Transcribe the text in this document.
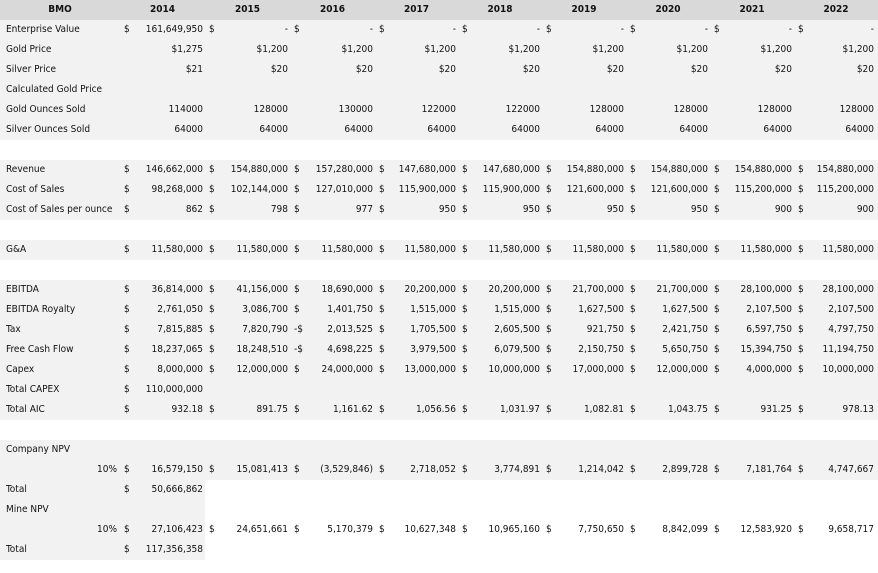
BMO	2014	2015	2016	2017	2018	2019	2020	2021	2022
Enterprise Value	$	161,649,950 $	- $	- $	- $	- $	- $	- $	- $	-
Gold Price	$1,275	$1,200	$1,200	$1,200	$1,200	$1,200	$1,200	$1,200	$1,200
Silver Price	$21	$20	$20	$20	$20	$20	$20	$20	$20
Calculated Gold Price
Gold Ounces Sold	114000	128000	130000	122000	122000	128000	128000	128000	128000
Silver Ounces Sold	64000	64000	64000	64000	64000	64000	64000	64000	64000
Revenue	$	146,662,000 $	154,880,000 $	157,280,000 $	147,680,000 $	147,680,000 $	154,880,000 $	154,880,000 $	154,880,000 $	154,880,000
Cost of Sales	$	98,268,000 $	102,144,000 $	127,010,000 $	115,900,000 $	115,900,000 $	121,600,000 $	121,600,000 $	115,200,000 $	115,200,000
Cost of Sales per ounce $	862 $	798 $	977 $	950 $	950 $	950 $	950 $	900 $	900
G&A	$	11,580,000 $	11,580,000 $	11,580,000 $	11,580,000 $	11,580,000 $	11,580,000 $	11,580,000 $	11,580,000 $	11,580,000
EBITDA	$	36,814,000 $	41,156,000 $	18,690,000 $	20,200,000 $	20,200,000 $	21,700,000 $	21,700,000 $	28,100,000 $	28,100,000
EBITDA Royalty	$	2,761,050 $	3,086,700 $	1,401,750 $	1,515,000 $	1,515,000 $	1,627,500 $	1,627,500 $	2,107,500 $	2,107,500
Tax	$	7,815,885 $	7,820,790 -$	2,013,525 $	1,705,500 $	2,605,500 $	921,750 $	2,421,750 $	6,597,750 $	4,797,750
Free Cash Flow	$	18,237,065 $	18,248,510 -$	4,698,225 $	3,979,500 $	6,079,500 $	2,150,750 $	5,650,750 $	15,394,750 $	11,194,750
Capex	$	8,000,000 $	12,000,000 $	24,000,000 $	13,000,000 $	10,000,000 $	17,000,000 $	12,000,000 $	4,000,000 $	10,000,000
Total CAPEX	$	110,000,000
Total AIC	$	932.18 $	891.75 $	1,161.62 $	1,056.56 $	1,031.97 $	1,082.81 $	1,043.75 $	931.25 $	978.13
Company NPV
10% $	16,579,150 $	15,081,413 $	(3,529,846) $	2,718,052 $	3,774,891 $	1,214,042 $	2,899,728 $	7,181,764 $	4,747,667
Total	$	50,666,862
Mine NPV
10% $	27,106,423 $	24,651,661 $	5,170,379 $	10,627,348 $	10,965,160 $	7,750,650 $	8,842,099 $	12,583,920 $	9,658,717
Total	$	117,356,358
